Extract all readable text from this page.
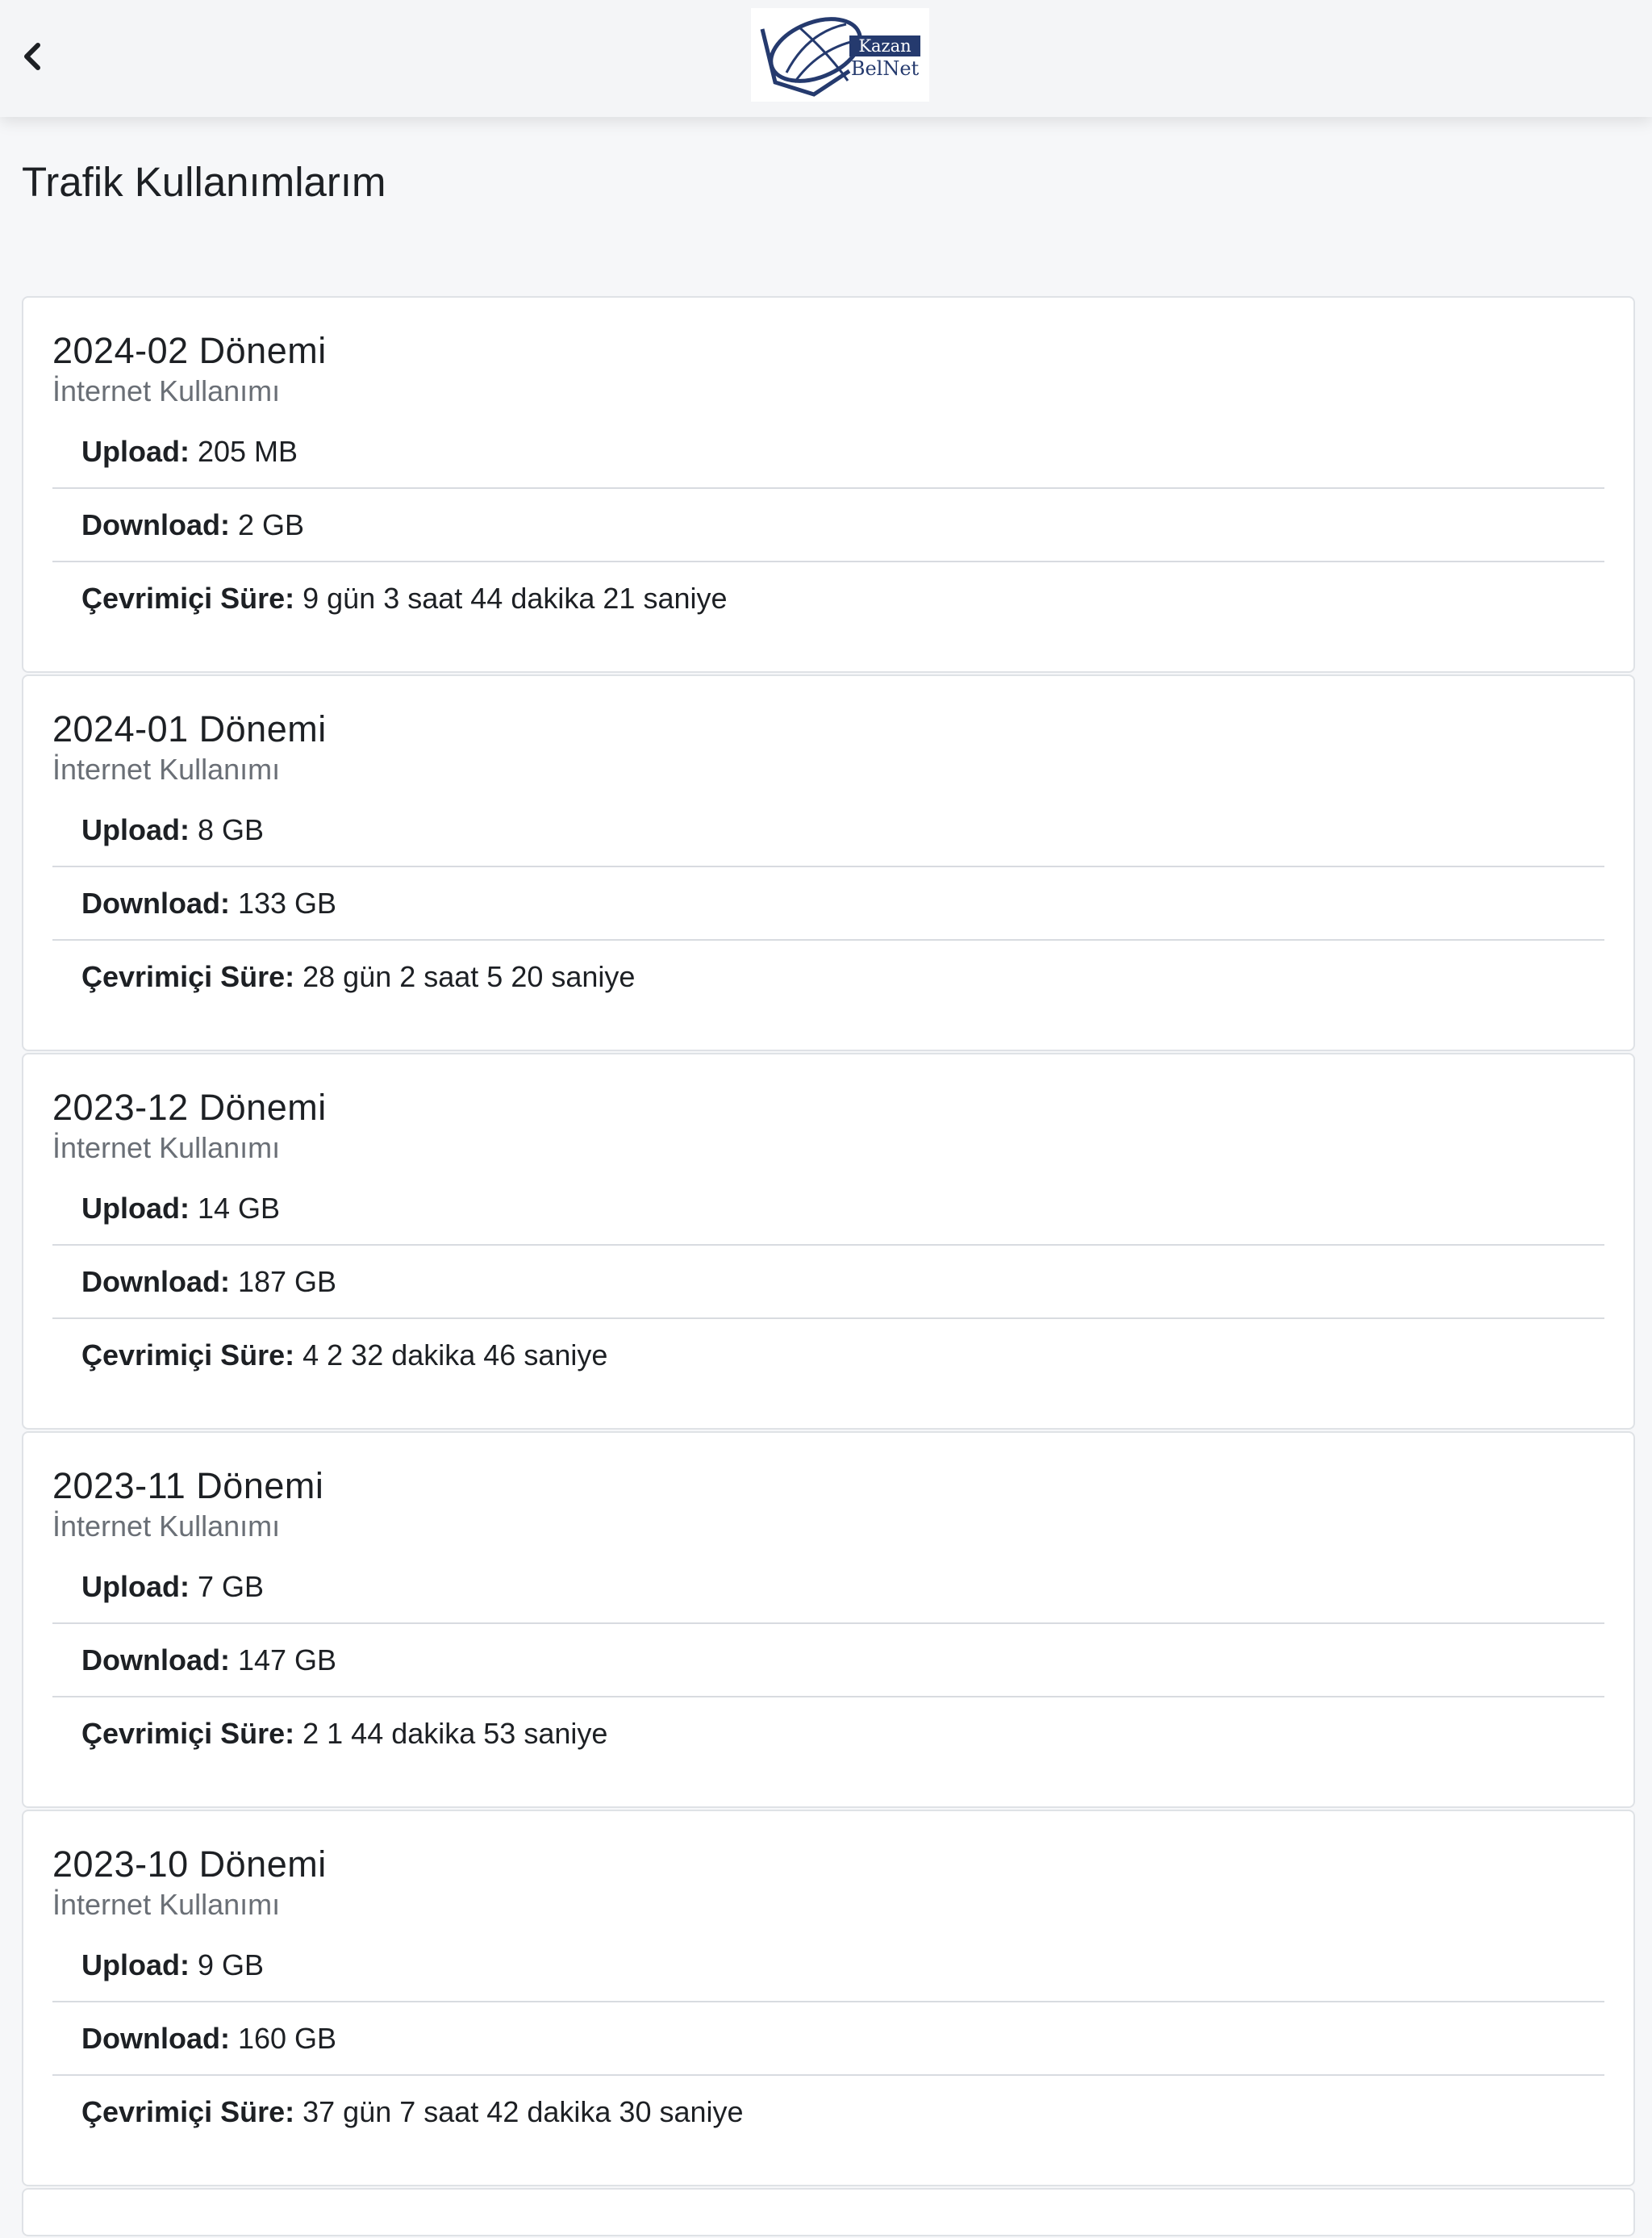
Kazan
BelNet
Trafik Kullanımlarım
2024-02 Dönemi

İnternet Kullanımı

Upload: 205 MB
Download: 2 GB
Çevrimiçi Süre: 9 gün 3 saat 44 dakika 21 saniye
2024-01 Dönemi

İnternet Kullanımı

Upload: 8 GB
Download: 133 GB
Çevrimiçi Süre: 28 gün 2 saat 5 20 saniye
2023-12 Dönemi

İnternet Kullanımı

Upload: 14 GB
Download: 187 GB
Çevrimiçi Süre: 4 2 32 dakika 46 saniye
2023-11 Dönemi

İnternet Kullanımı

Upload: 7 GB
Download: 147 GB
Çevrimiçi Süre: 2 1 44 dakika 53 saniye
2023-10 Dönemi

İnternet Kullanımı

Upload: 9 GB
Download: 160 GB
Çevrimiçi Süre: 37 gün 7 saat 42 dakika 30 saniye
